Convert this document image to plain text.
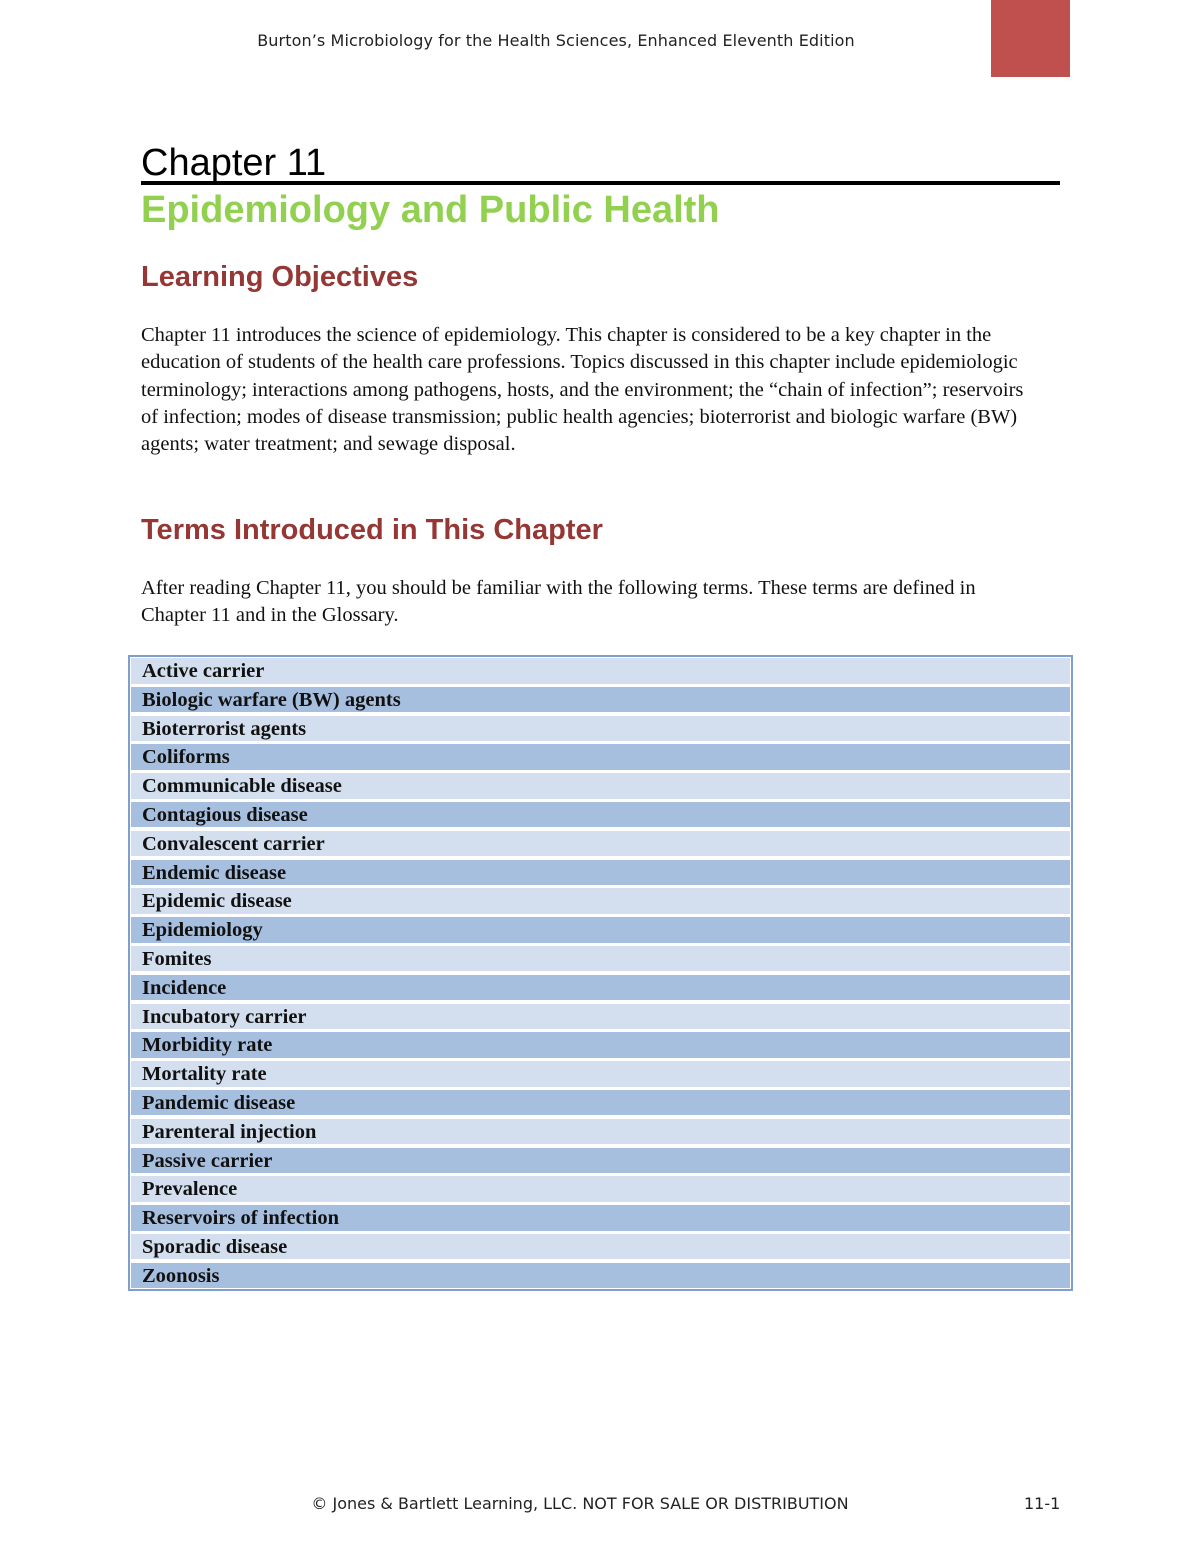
Burton’s Microbiology for the Health Sciences, Enhanced Eleventh Edition
Chapter 11
Epidemiology and Public Health
Learning Objectives
Chapter 11 introduces the science of epidemiology. This chapter is considered to be a key chapter in the education of students of the health care professions. Topics discussed in this chapter include epidemiologic terminology; interactions among pathogens, hosts, and the environment; the “chain of infection”; reservoirs of infection; modes of disease transmission; public health agencies; bioterrorist and biologic warfare (BW) agents; water treatment; and sewage disposal.
Terms Introduced in This Chapter
After reading Chapter 11, you should be familiar with the following terms. These terms are defined in Chapter 11 and in the Glossary.
Active carrier
Biologic warfare (BW) agents
Bioterrorist agents
Coliforms
Communicable disease
Contagious disease
Convalescent carrier
Endemic disease
Epidemic disease
Epidemiology
Fomites
Incidence
Incubatory carrier
Morbidity rate
Mortality rate
Pandemic disease
Parenteral injection
Passive carrier
Prevalence
Reservoirs of infection
Sporadic disease
Zoonosis
© Jones & Bartlett Learning, LLC. NOT FOR SALE OR DISTRIBUTION	11-1
